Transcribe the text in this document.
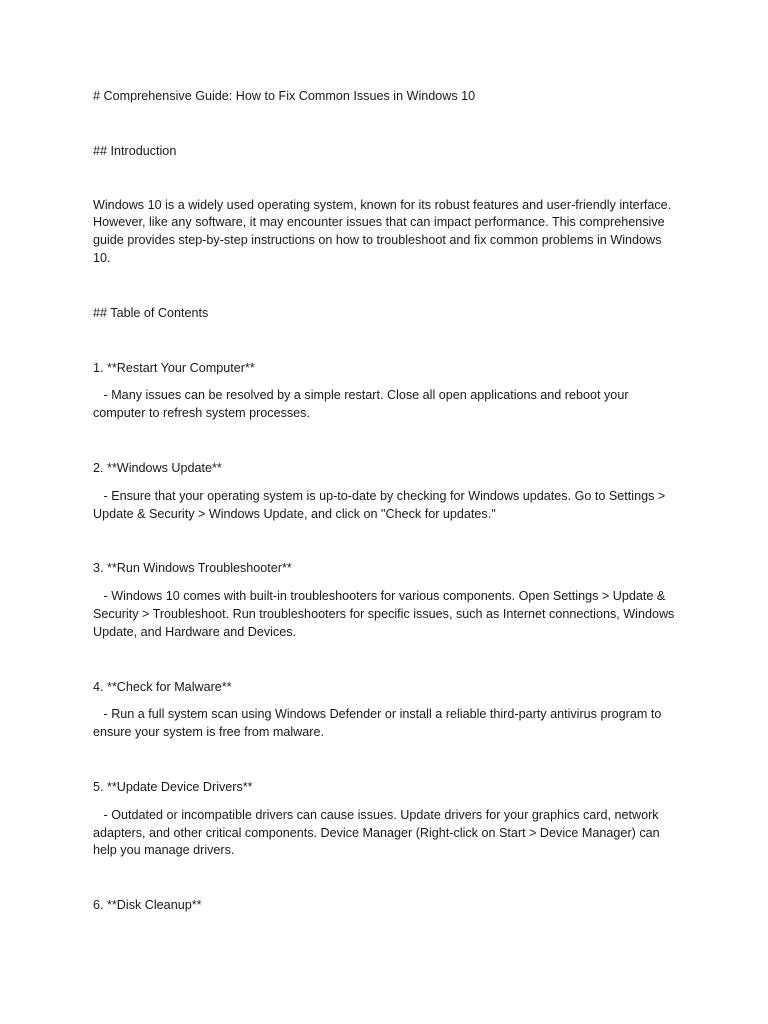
# Comprehensive Guide: How to Fix Common Issues in Windows 10

## Introduction

Windows 10 is a widely used operating system, known for its robust features and user-friendly interface. However, like any software, it may encounter issues that can impact performance. This comprehensive guide provides step-by-step instructions on how to troubleshoot and fix common problems in Windows 10.

## Table of Contents

1. **Restart Your Computer**

- Many issues can be resolved by a simple restart. Close all open applications and reboot your computer to refresh system processes.

2. **Windows Update**

- Ensure that your operating system is up-to-date by checking for Windows updates. Go to Settings > Update & Security > Windows Update, and click on "Check for updates."

3. **Run Windows Troubleshooter**

- Windows 10 comes with built-in troubleshooters for various components. Open Settings > Update & Security > Troubleshoot. Run troubleshooters for specific issues, such as Internet connections, Windows Update, and Hardware and Devices.

4. **Check for Malware**

- Run a full system scan using Windows Defender or install a reliable third-party antivirus program to ensure your system is free from malware.

5. **Update Device Drivers**

- Outdated or incompatible drivers can cause issues. Update drivers for your graphics card, network adapters, and other critical components. Device Manager (Right-click on Start > Device Manager) can help you manage drivers.

6. **Disk Cleanup**
